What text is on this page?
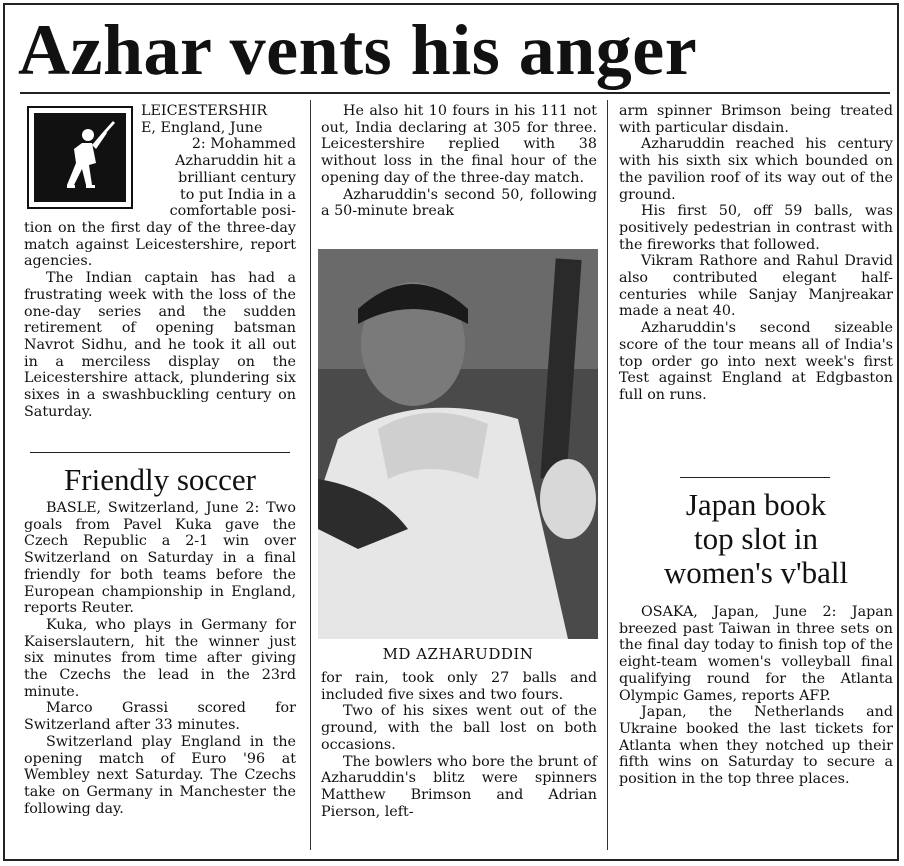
Azhar vents his anger
LEICESTERSHIR
E, England, June
2: Mohammed
Azharuddin hit a
brilliant century
to put India in a
comfortable posi-

tion on the first day of the three-day match against Leicestershire, report agencies.

The Indian captain has had a frustrating week with the loss of the one-day series and the sudden retirement of opening batsman Navrot Sidhu, and he took it all out in a merciless display on the Leicestershire attack, plundering six sixes in a swashbuckling century on Saturday.

Friendly soccer

BASLE, Switzerland, June 2: Two goals from Pavel Kuka gave the Czech Republic a 2-1 win over Switzerland on Saturday in a final friendly for both teams before the European championship in England, reports Reuter.

Kuka, who plays in Germany for Kaiserslautern, hit the winner just six minutes from time after giving the Czechs the lead in the 23rd minute.

Marco Grassi scored for Switzerland after 33 minutes.

Switzerland play England in the opening match of Euro '96 at Wembley next Saturday. The Czechs take on Germany in Manchester the following day.

He also hit 10 fours in his 111 not out, India declaring at 305 for three. Leicestershire replied with 38 without loss in the final hour of the opening day of the three-day match.

Azharuddin's second 50, following a 50-minute break

MD AZHARUDDIN

for rain, took only 27 balls and included five sixes and two fours.

Two of his sixes went out of the ground, with the ball lost on both occasions.

The bowlers who bore the brunt of Azharuddin's blitz were spinners Matthew Brimson and Adrian Pierson, left-

arm spinner Brimson being treated with particular disdain.

Azharuddin reached his century with his sixth six which bounded on the pavilion roof of its way out of the ground.

His first 50, off 59 balls, was positively pedestrian in contrast with the fireworks that followed.

Vikram Rathore and Rahul Dravid also contributed elegant half-centuries while Sanjay Manjreakar made a neat 40.

Azharuddin's second sizeable score of the tour means all of India's top order go into next week's first Test against England at Edgbaston full on runs.

Japan book
top slot in
women's v'ball

OSAKA, Japan, June 2: Japan breezed past Taiwan in three sets on the final day today to finish top of the eight-team women's volleyball final qualifying round for the Atlanta Olympic Games, reports AFP.

Japan, the Netherlands and Ukraine booked the last tickets for Atlanta when they notched up their fifth wins on Saturday to secure a position in the top three places.
